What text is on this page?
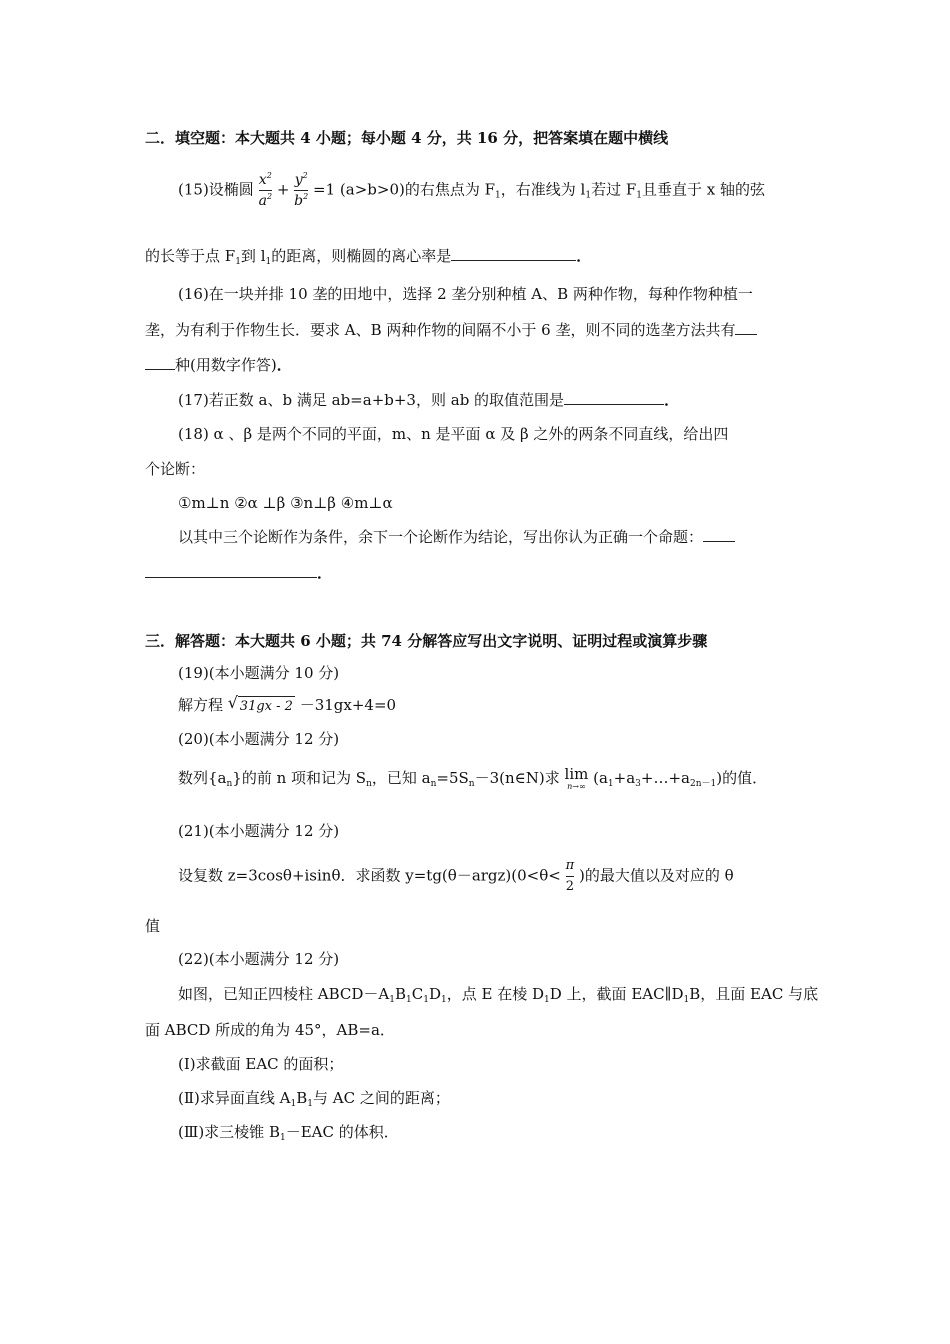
二．填空题：本大题共 4 小题；每小题 4 分，共 16 分，把答案填在题中横线
(15)设椭圆 $\frac{x^2}{a^2} + \frac{y^2}{b^2} =1$ (a>b>0)的右焦点为 $F_1$，右准线为 $l_1$若过 $F_1$且垂直于 x 轴的弦
的长等于点 $F_1$到 $l_1$的距离，则椭圆的离心率是	．
(16)在一块并排 10 垄的田地中，选择 2 垄分别种植 A、B 两种作物，每种作物种植一
垄，为有利于作物生长．要求 A、B 两种作物的间隔不小于 6 垄，则不同的选垄方法共有
种(用数字作答)．
(17)若正数 a、b 满足 ab=a+b+3，则 ab 的取值范围是	．
(18) α 、β 是两个不同的平面，m、n 是平面 α 及 β 之外的两条不同直线，给出四
个论断：
①m⊥n ②α ⊥β ③n⊥β ④m⊥α
以其中三个论断作为条件，余下一个论断作为结论，写出你认为正确一个命题：
．
三．解答题：本大题共 6 小题；共 74 分解答应写出文字说明、证明过程或演算步骤
(19)(本小题满分 10 分)
解方程 √ 31gx - 2 －31gx+4=0
(20)(本小题满分 12 分)
数列$\{a_n\}$的前 n 项和记为 $S_n$，已知 $a_n=5S_n-3(n\in N)$求 lim
n→∞ $(a_1+a_3+\dots+a_{2n-1})$的值．
(21)(本小题满分 12 分)
设复数 z=3cosθ+isinθ．求函数 y=tg(θ－argz)(0<θ< $\frac{\pi}{2}$ )的最大值以及对应的 θ
值
(22)(本小题满分 12 分)
如图，已知正四棱柱 $ABCD-A_1B_1C_1D_1$，点 E 在棱 $D_1D$ 上，截面 $EAC\parallel D_1B$，且面 EAC 与底
面 ABCD 所成的角为 45°，AB=a．
(Ⅰ)求截面 EAC 的面积；
(Ⅱ)求异面直线 $A_1B_1$与 AC 之间的距离；
(Ⅲ)求三棱锥 $B_1-EAC$ 的体积．
